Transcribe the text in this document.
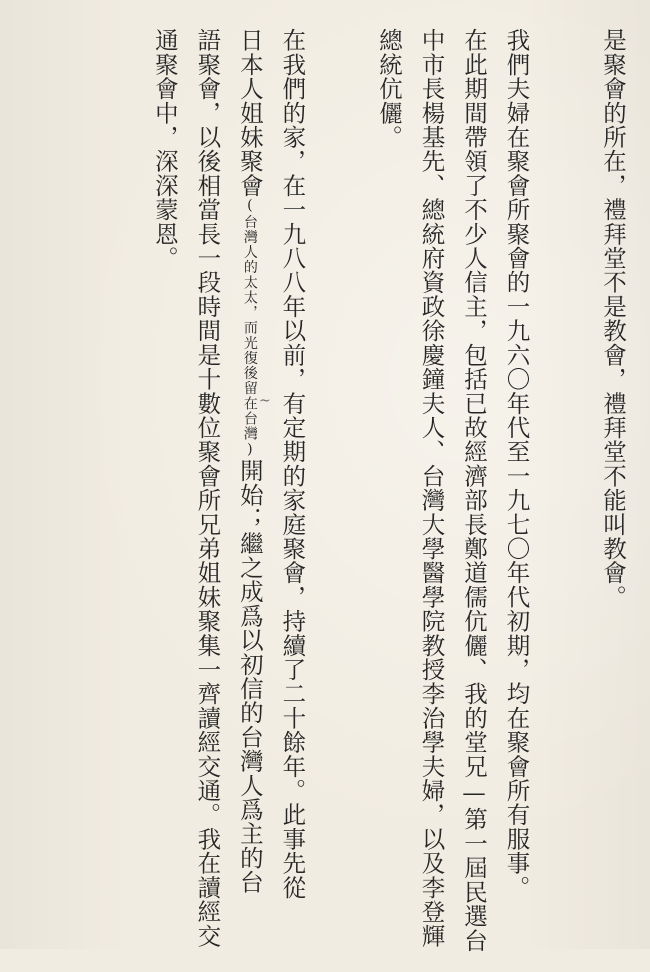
是聚會的所在，禮拜堂不是教會，禮拜堂不能叫教會。
我們夫婦在聚會所聚會的一九六〇年代至一九七〇年代初期，均在聚會所有服事。
在此期間帶領了不少人信主，包括已故經濟部長鄭道儒伉儷、我的堂兄—第一屆民選台
中市長楊基先、總統府資政徐慶鐘夫人、台灣大學醫學院教授李治學夫婦，以及李登輝
總統伉儷。
在我們的家，在一九八八年以前，有定期的家庭聚會，持續了二十餘年。此事先從
日本人姐妹聚會(台灣人的太太，而光復後留在台灣)開始；繼之成爲以初信的台灣人爲主的台
語聚會，以後相當長一段時間是十數位聚會所兄弟姐妹聚集一齊讀經交通。我在讀經交
通聚會中，深深蒙恩。
~
